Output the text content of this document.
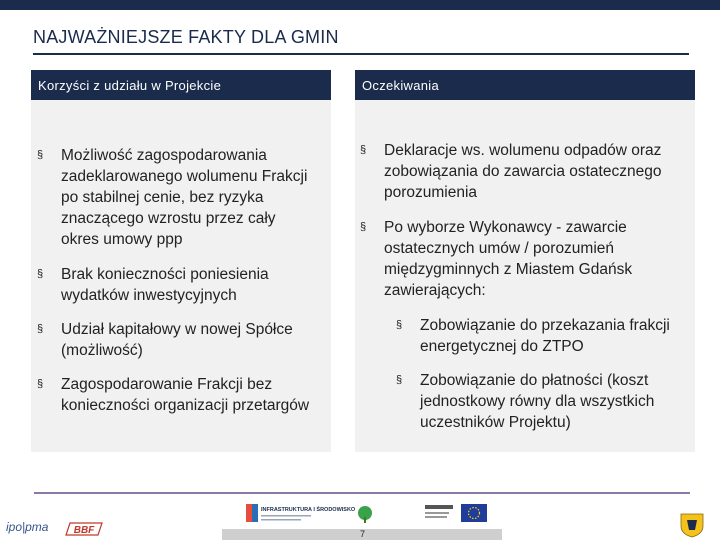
NAJWAŻNIEJSZE FAKTY DLA GMIN
Korzyści z udziału w Projekcie	Oczekiwania
§	Możliwość zagospodarowania zadeklarowanego wolumenu Frakcji po stabilnej cenie, bez ryzyka znaczącego wzrostu przez cały okres umowy ppp
§	Brak konieczności poniesienia wydatków inwestycyjnych
§	Udział kapitałowy w nowej Spółce (możliwość)
§	Zagospodarowanie Frakcji bez konieczności organizacji przetargów
§	Deklaracje ws. wolumenu odpadów oraz zobowiązania do zawarcia ostatecznego porozumienia
§	Po wyborze Wykonawcy - zawarcie ostatecznych umów / porozumień międzygminnych z Miastem Gdańsk zawierających:
§	Zobowiązanie do przekazania frakcji energetycznej do ZTPO
§	Zobowiązanie do płatności (koszt jednostkowy równy dla wszystkich uczestników Projektu)
ipo|pma	BBF
INFRASTRUKTURA I ŚRODOWISKO
7
